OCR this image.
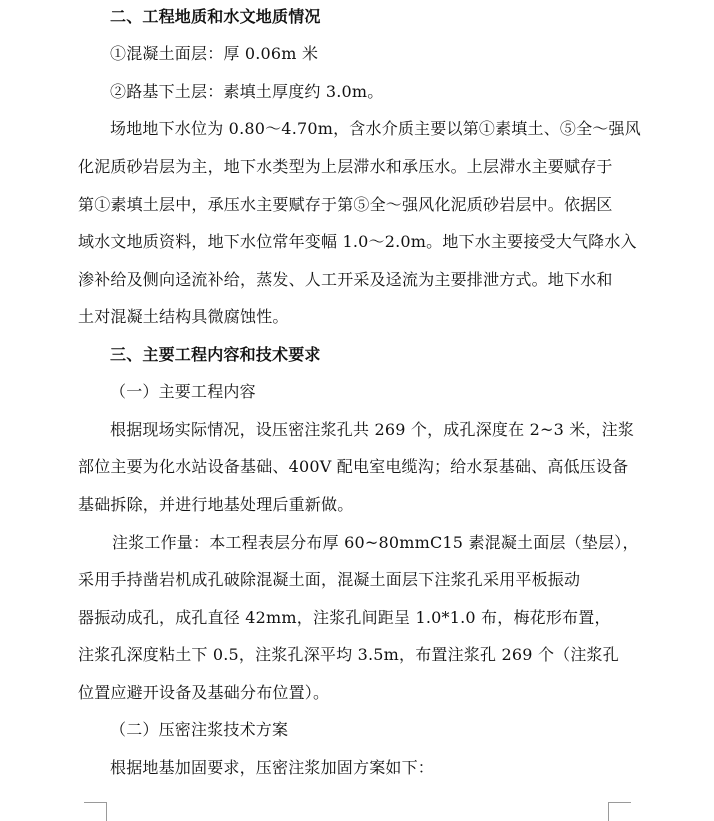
二、工程地质和水文地质情况
①混凝土面层：厚 0.06m 米
②路基下土层：素填土厚度约 3.0m。
场地地下水位为 0.80～4.70m，含水介质主要以第①素填土、⑤全～强风
化泥质砂岩层为主，地下水类型为上层滞水和承压水。上层滞水主要赋存于
第①素填土层中，承压水主要赋存于第⑤全～强风化泥质砂岩层中。依据区
域水文地质资料，地下水位常年变幅 1.0～2.0m。地下水主要接受大气降水入
渗补给及侧向迳流补给，蒸发、人工开采及迳流为主要排泄方式。地下水和
土对混凝土结构具微腐蚀性。
三、主要工程内容和技术要求
（一）主要工程内容
根据现场实际情况，设压密注浆孔共 269 个，成孔深度在 2~3 米，注浆
部位主要为化水站设备基础、400V 配电室电缆沟；给水泵基础、高低压设备
基础拆除，并进行地基处理后重新做。
注浆工作量：本工程表层分布厚 60~80mmC15 素混凝土面层（垫层），
采用手持凿岩机成孔破除混凝土面，混凝土面层下注浆孔采用平板振动
器振动成孔，成孔直径 42mm，注浆孔间距呈 1.0*1.0 布，梅花形布置，
注浆孔深度粘土下 0.5，注浆孔深平均 3.5m，布置注浆孔 269 个（注浆孔
位置应避开设备及基础分布位置）。
（二）压密注浆技术方案
根据地基加固要求，压密注浆加固方案如下：
